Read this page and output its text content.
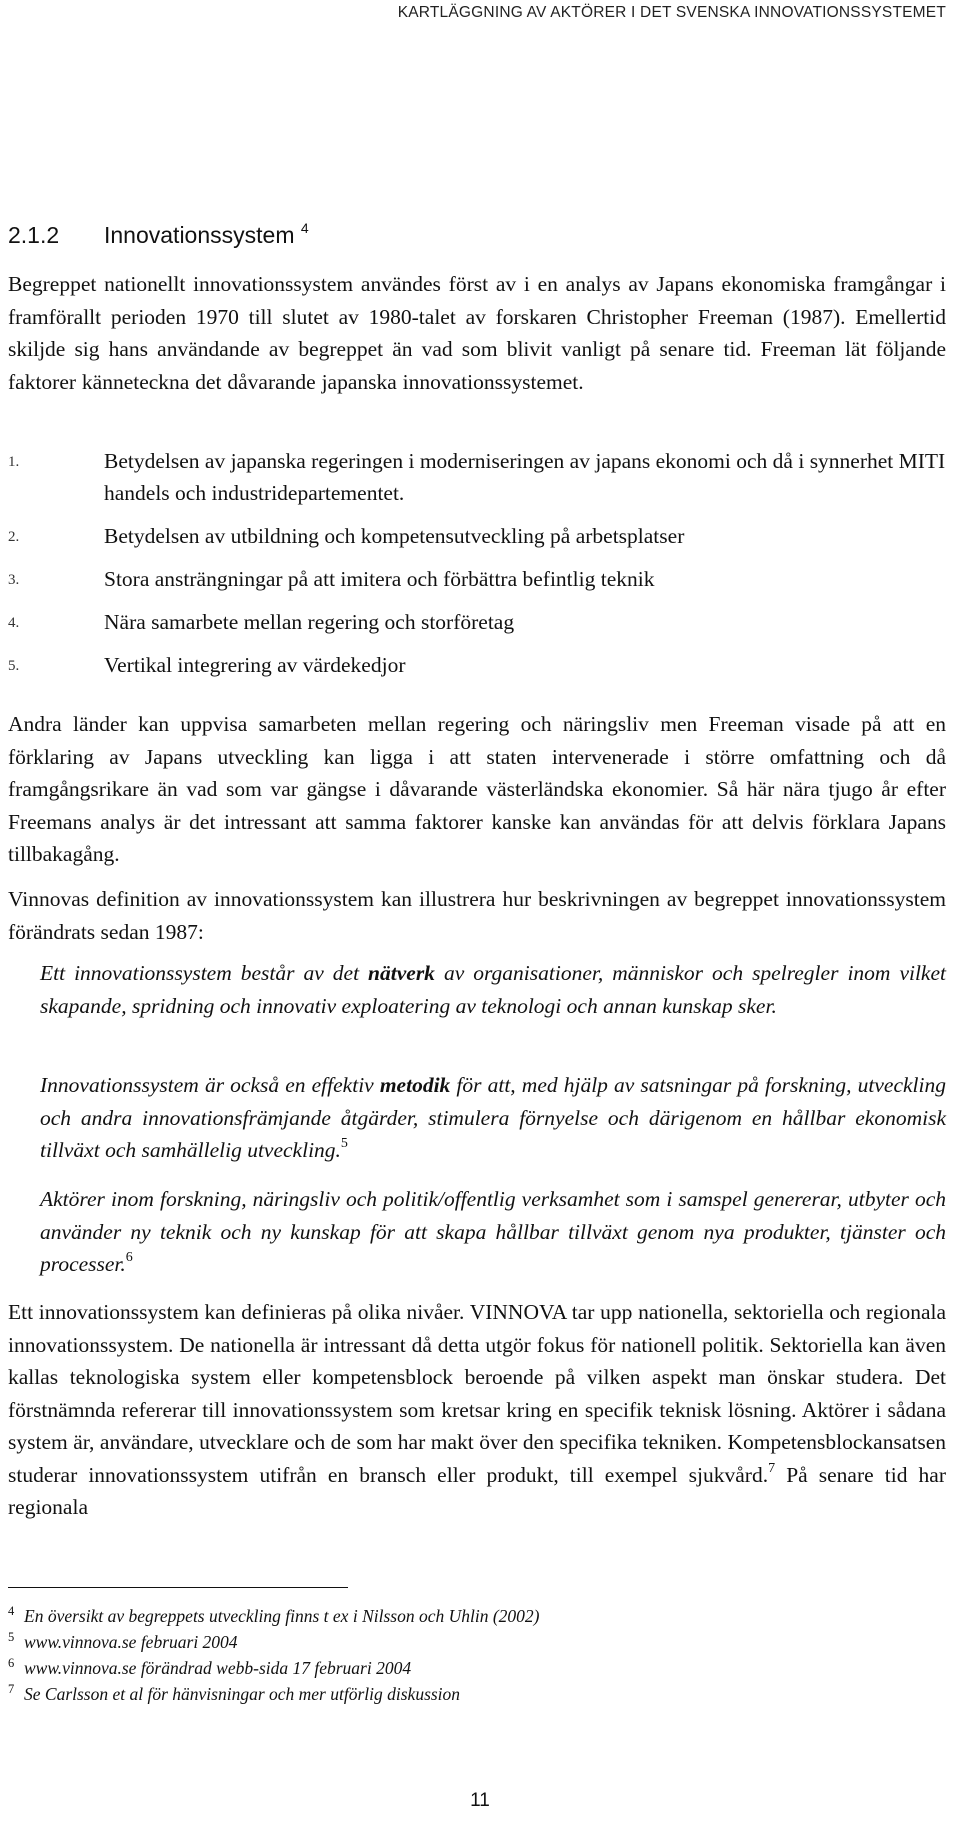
KARTLÄGGNING AV AKTÖRER I DET SVENSKA INNOVATIONSSYSTEMET
2.1.2 Innovationssystem $^4$
Begreppet nationellt innovationssystem användes först av i en analys av Japans ekonomiska framgångar i framförallt perioden 1970 till slutet av 1980-talet av forskaren Christopher Freeman (1987). Emellertid skiljde sig hans användande av begreppet än vad som blivit vanligt på senare tid. Freeman lät följande faktorer känneteckna det dåvarande japanska innovationssystemet.
1.	Betydelsen av japanska regeringen i moderniseringen av japans ekonomi och då i synnerhet MITI handels och industridepartementet.
2.	Betydelsen av utbildning och kompetensutveckling på arbetsplatser
3.	Stora ansträngningar på att imitera och förbättra befintlig teknik
4.	Nära samarbete mellan regering och storföretag
5.	Vertikal integrering av värdekedjor
Andra länder kan uppvisa samarbeten mellan regering och näringsliv men Freeman visade på att en förklaring av Japans utveckling kan ligga i att staten intervenerade i större omfattning och då framgångsrikare än vad som var gängse i dåvarande västerländska ekonomier. Så här nära tjugo år efter Freemans analys är det intressant att samma faktorer kanske kan användas för att delvis förklara Japans tillbakagång.
Vinnovas definition av innovationssystem kan illustrera hur beskrivningen av begreppet innovationssystem förändrats sedan 1987:
Ett innovationssystem består av det nätverk av organisationer, människor och spelregler inom vilket skapande, spridning och innovativ exploatering av teknologi och annan kunskap sker.
Innovationssystem är också en effektiv metodik för att, med hjälp av satsningar på forskning, utveckling och andra innovationsfrämjande åtgärder, stimulera förnyelse och därigenom en hållbar ekonomisk tillväxt och samhällelig utveckling.$^5$
Aktörer inom forskning, näringsliv och politik/offentlig verksamhet som i samspel genererar, utbyter och använder ny teknik och ny kunskap för att skapa hållbar tillväxt genom nya produkter, tjänster och processer.$^6$
Ett innovationssystem kan definieras på olika nivåer. VINNOVA tar upp nationella, sektoriella och regionala innovationssystem. De nationella är intressant då detta utgör fokus för nationell politik. Sektoriella kan även kallas teknologiska system eller kompetensblock beroende på vilken aspekt man önskar studera. Det förstnämnda refererar till innovationssystem som kretsar kring en specifik teknisk lösning. Aktörer i sådana system är, användare, utvecklare och de som har makt över den specifika tekniken. Kompetensblockansatsen studerar innovationssystem utifrån en bransch eller produkt, till exempel sjukvård.$^7$ På senare tid har regionala
4 En översikt av begreppets utveckling finns t ex i Nilsson och Uhlin (2002)
5 www.vinnova.se februari 2004
6 www.vinnova.se förändrad webb-sida 17 februari 2004
7 Se Carlsson et al för hänvisningar och mer utförlig diskussion
11
